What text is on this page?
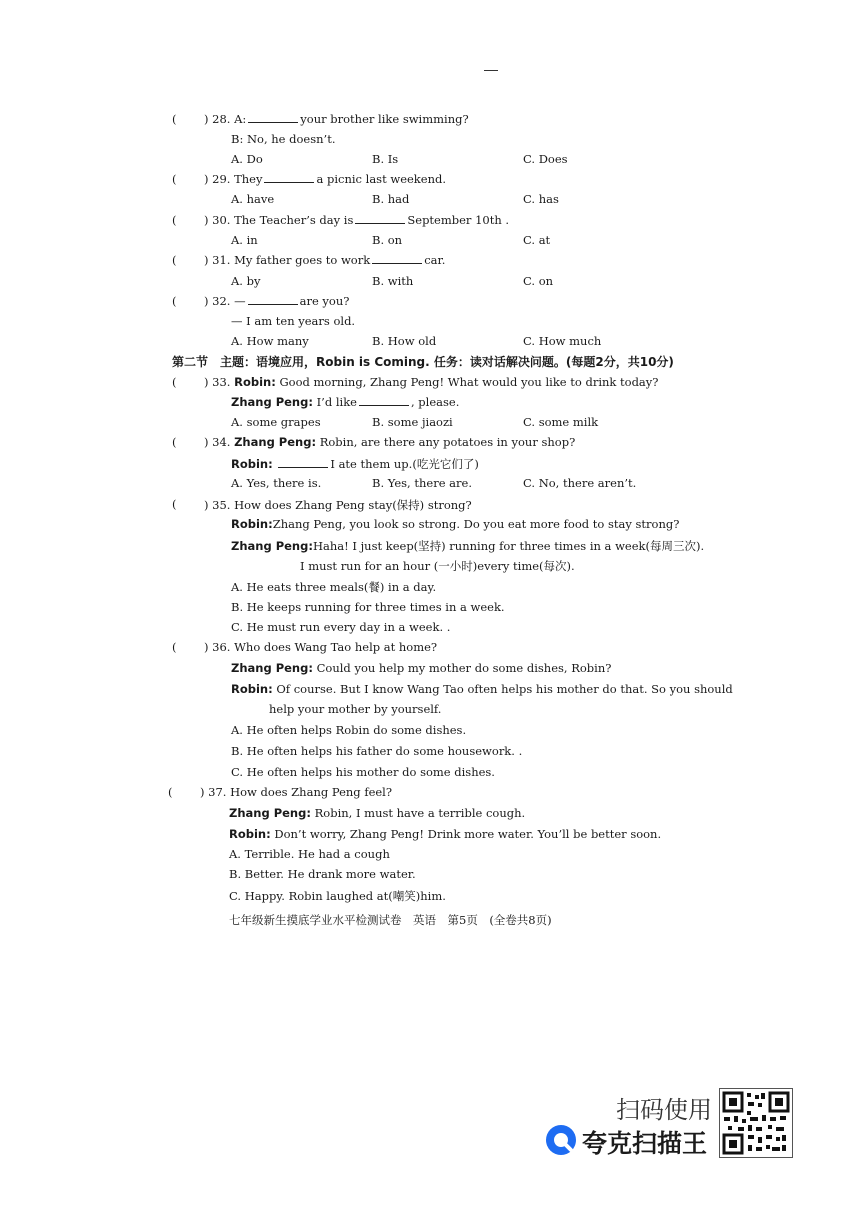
( ) 28. A:	your brother like swimming?
B: No, he doesn’t.
A. Do	B. Is	C. Does
( ) 29. They	a picnic last weekend.
A. have	B. had	C. has
( ) 30. The Teacher’s day is	September 10th .
A. in	B. on	C. at
( ) 31. My father goes to work	car.
A. by	B. with	C. on
( ) 32. —	are you?
— I am ten years old.
A. How many	B. How old	C. How much
第二节　主题：语境应用，Robin is Coming. 任务：读对话解决问题。(每题2分，共10分)
( ) 33. Robin: Good morning, Zhang Peng! What would you like to drink today?
Zhang Peng: I’d like	, please.
A. some grapes	B. some jiaozi	C. some milk
( ) 34. Zhang Peng: Robin, are there any potatoes in your shop?
Robin:	I ate them up.(吃光它们了)
A. Yes, there is.	B. Yes, there are.	C. No, there aren’t.
( ) 35. How does Zhang Peng stay(保持) strong?
Robin:Zhang Peng, you look so strong. Do you eat more food to stay strong?
Zhang Peng:Haha! I just keep(坚持) running for three times in a week(每周三次).
I must run for an hour (一小时)every time(每次).
A. He eats three meals(餐) in a day.
B. He keeps running for three times in a week.
C. He must run every day in a week. .
( ) 36. Who does Wang Tao help at home?
Zhang Peng: Could you help my mother do some dishes, Robin?
Robin: Of course. But I know Wang Tao often helps his mother do that. So you should
help your mother by yourself.
A. He often helps Robin do some dishes.
B. He often helps his father do some housework. .
C. He often helps his mother do some dishes.
( ) 37. How does Zhang Peng feel?
Zhang Peng: Robin, I must have a terrible cough.
Robin: Don’t worry, Zhang Peng! Drink more water. You’ll be better soon.
A. Terrible. He had a cough
B. Better. He drank more water.
C. Happy. Robin laughed at(嘲笑)him.
七年级新生摸底学业水平检测试卷　英语　第5页　(全卷共8页)
扫码使用
夸克扫描王
